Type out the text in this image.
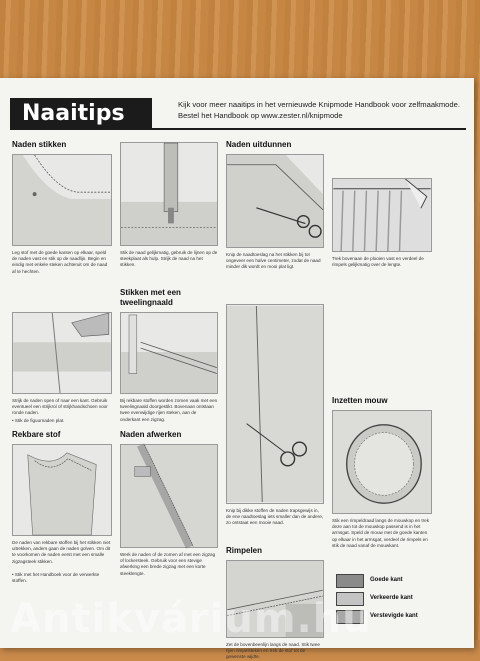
Naaitips	Kijk voor meer naaitips in het vernieuwde Knipmode Handbook voor zelfmaakmode. Bestel het Handbook op www.zester.nl/knipmode

Naden stikken

Leg stof met de goede kanten op elkaar, speld de naden vast en stik op de naadlijn. Begin en eindig met enkele steken achteruit om de naad af te hechten.
Strijk de naden open of naar een kant. Gebruik eventueel een strijkrol of strijkhandschoen voor ronde naden.
• Stik de figuurnaden plat.

Rekbare stof

De naden van rekbare stoffen bij het stikken niet uitrekken, anders gaan de naden golven. Om dit te voorkomen de naden eerst met een smalle zigzagsteek stikken.
• Stik met het Handboek voor de verwerkte stoffen.
Stik de naad gelijkmatig, gebruik de lijnen op de steekplaat als hulp. Strijk de naad na het stikken.

Stikken met een tweelingnaald

Bij rekbare stoffen worden zomen vaak met een tweelingnaald doorgestikt. Bovenaan ontstaan twee evenwijdige rijen steken, aan de onderkant een zigzag.

Naden afwerken

Werk de naden of de zomen af met een zigzag of lockersteek. Gebruik voor een stevige afwerking een brede zigzag met een korte steeklengte.

Naden uitdunnen

Knip de naadtoeslag na het stikken bij tot ongeveer een halve centimeter, zodat de naad minder dik wordt en mooi plat ligt.
Knip bij dikke stoffen de naden trapsgewijs in, de ene naadtoeslag iets smaller dan de andere, zo ontstaat een mooie naad.

Rimpelen

Zet de bovenbeenlijn langs de naad. Stik twee rijen rimpelsteken en trek de stof tot de gewenste wijdte.
Trek bovenaan de plooien vast en verdeel de rimpels gelijkmatig over de lengte.

Inzetten mouw

Stik een rimpeldraad langs de mouwkop en trek deze aan tot de mouwkop passend is in het armsgat. Speld de mouw met de goede kanten op elkaar in het armsgat, verdeel de rimpels en stik de naad vanaf de mouwkant.
Goede kant
Verkeerde kant
Verstevigde kant
Antikvárium.hu
